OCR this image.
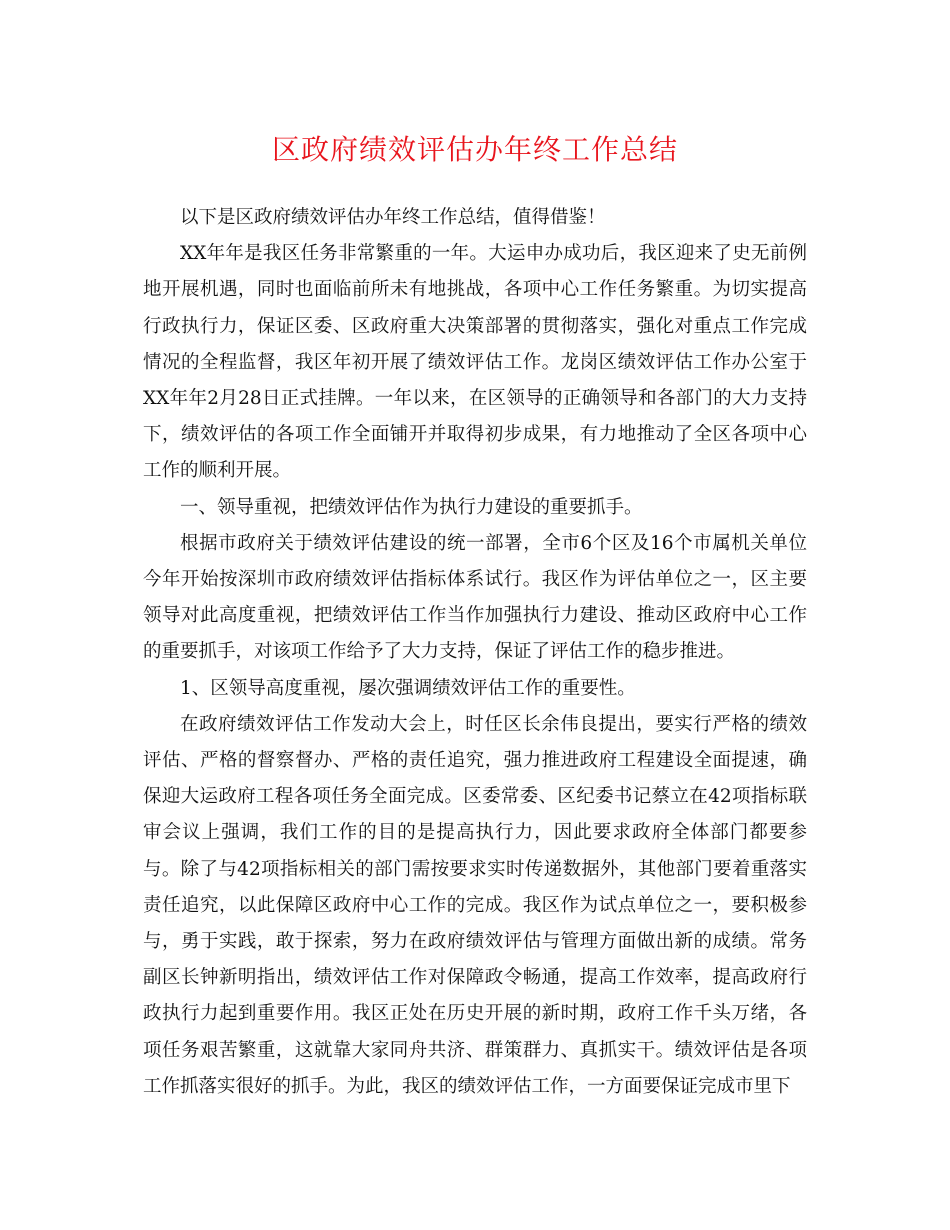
区政府绩效评估办年终工作总结

以下是区政府绩效评估办年终工作总结，值得借鉴！

XX年年是我区任务非常繁重的一年。大运申办成功后，我区迎来了史无前例地开展机遇，同时也面临前所未有地挑战，各项中心工作任务繁重。为切实提高行政执行力，保证区委、区政府重大决策部署的贯彻落实，强化对重点工作完成情况的全程监督，我区年初开展了绩效评估工作。龙岗区绩效评估工作办公室于XX年年2月28日正式挂牌。一年以来，在区领导的正确领导和各部门的大力支持下，绩效评估的各项工作全面铺开并取得初步成果，有力地推动了全区各项中心工作的顺利开展。

一、领导重视，把绩效评估作为执行力建设的重要抓手。

根据市政府关于绩效评估建设的统一部署，全市6个区及16个市属机关单位今年开始按深圳市政府绩效评估指标体系试行。我区作为评估单位之一，区主要领导对此高度重视，把绩效评估工作当作加强执行力建设、推动区政府中心工作的重要抓手，对该项工作给予了大力支持，保证了评估工作的稳步推进。

1、区领导高度重视，屡次强调绩效评估工作的重要性。

在政府绩效评估工作发动大会上，时任区长余伟良提出，要实行严格的绩效评估、严格的督察督办、严格的责任追究，强力推进政府工程建设全面提速，确保迎大运政府工程各项任务全面完成。区委常委、区纪委书记蔡立在42项指标联审会议上强调，我们工作的目的是提高执行力，因此要求政府全体部门都要参与。除了与42项指标相关的部门需按要求实时传递数据外，其他部门要着重落实责任追究，以此保障区政府中心工作的完成。我区作为试点单位之一，要积极参与，勇于实践，敢于探索，努力在政府绩效评估与管理方面做出新的成绩。常务副区长钟新明指出，绩效评估工作对保障政令畅通，提高工作效率，提高政府行政执行力起到重要作用。我区正处在历史开展的新时期，政府工作千头万绪，各项任务艰苦繁重，这就靠大家同舟共济、群策群力、真抓实干。绩效评估是各项工作抓落实很好的抓手。为此，我区的绩效评估工作，一方面要保证完成市里下
